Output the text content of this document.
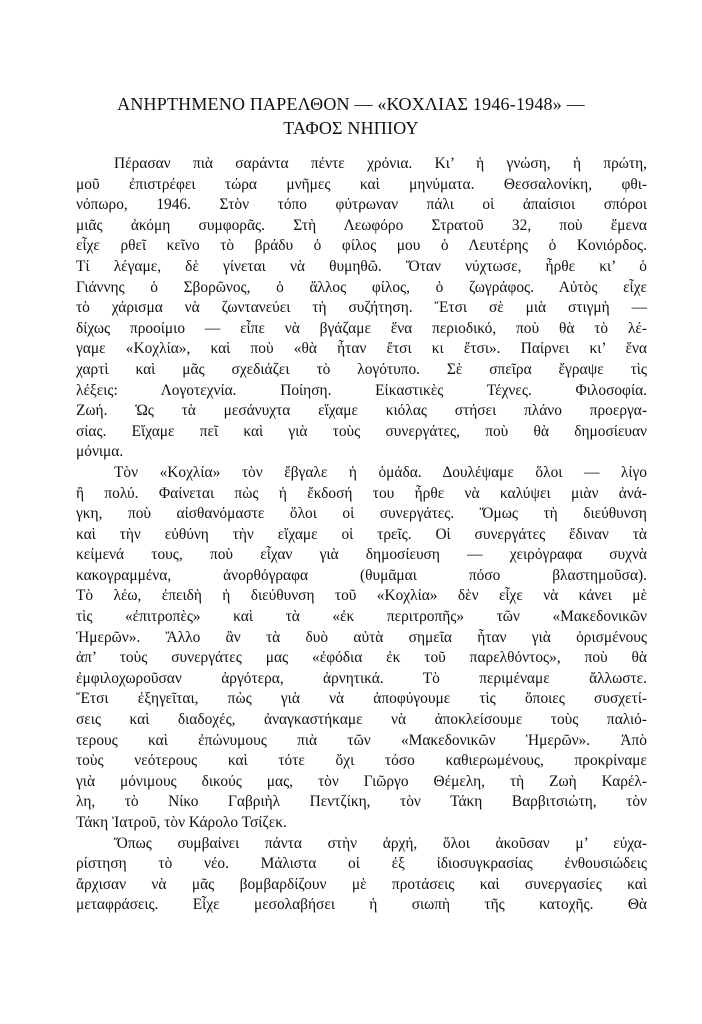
ΑΝΗΡΤΗΜΕΝΟ ΠΑΡΕΛΘΟΝ — «ΚΟΧΛΙΑΣ 1946-1948» —
ΤΑΦΟΣ ΝΗΠΙΟΥ
Πέρασαν πιὰ σαράντα πέντε χρόνια. Κι’ ἡ γνώση, ἡ πρώτη,
μοῦ ἐπιστρέφει τώρα μνῆμες καὶ μηνύματα. Θεσσαλονίκη, φθι-
νόπωρο, 1946. Στὸν τόπο φύτρωναν πάλι οἱ ἀπαίσιοι σπόροι
μιᾶς ἀκόμη συμφορᾶς. Στὴ Λεωφόρο Στρατοῦ 32, ποὺ ἔμενα
εἶχε ρθεῖ κεῖνο τὸ βράδυ ὁ φίλος μου ὁ Λευτέρης ὁ Κονιόρδος.
Τί λέγαμε, δὲ γίνεται νὰ θυμηθῶ. Ὅταν νύχτωσε, ἦρθε κι’ ὁ
Γιάννης ὁ Σβορῶνος, ὁ ἄλλος φίλος, ὁ ζωγράφος. Αὐτὸς εἶχε
τὸ χάρισμα νὰ ζωντανεύει τὴ συζήτηση. Ἔτσι σὲ μιὰ στιγμὴ —
δίχως προοίμιο — εἶπε νὰ βγάζαμε ἕνα περιοδικό, ποὺ θὰ τὸ λέ-
γαμε «Κοχλία», καὶ ποὺ «θὰ ἦταν ἔτσι κι ἔτσι». Παίρνει κι’ ἕνα
χαρτὶ καὶ μᾶς σχεδιάζει τὸ λογότυπο. Σὲ σπεῖρα ἔγραψε τὶς
λέξεις: Λογοτεχνία. Ποίηση. Εἰκαστικὲς Τέχνες. Φιλοσοφία.
Ζωή. Ὡς τὰ μεσάνυχτα εἴχαμε κιόλας στήσει πλάνο προεργα-
σίας. Εἴχαμε πεῖ καὶ γιὰ τοὺς συνεργάτες, ποὺ θὰ δημοσίευαν
μόνιμα.
Τὸν «Κοχλία» τὸν ἔβγαλε ἡ ὁμάδα. Δουλέψαμε ὅλοι — λίγο
ἢ πολύ. Φαίνεται πὼς ἡ ἔκδοσή του ἦρθε νὰ καλύψει μιὰν ἀνά-
γκη, ποὺ αἰσθανόμαστε ὅλοι οἱ συνεργάτες. Ὅμως τὴ διεύθυνση
καὶ τὴν εὐθύνη τὴν εἴχαμε οἱ τρεῖς. Οἱ συνεργάτες ἔδιναν τὰ
κείμενά τους, ποὺ εἶχαν γιὰ δημοσίευση — χειρόγραφα συχνὰ
κακογραμμένα, ἀνορθόγραφα (θυμᾶμαι πόσο βλαστημοῦσα).
Τὸ λέω, ἐπειδὴ ἡ διεύθυνση τοῦ «Κοχλία» δὲν εἶχε νὰ κάνει μὲ
τὶς «ἐπιτροπὲς» καὶ τὰ «ἐκ περιτροπῆς» τῶν «Μακεδονικῶν
Ἡμερῶν». Ἄλλο ἂν τὰ δυὸ αὐτὰ σημεῖα ἦταν γιὰ ὁρισμένους
ἀπ’ τοὺς συνεργάτες μας «ἐφόδια ἐκ τοῦ παρελθόντος», ποὺ θὰ
ἐμφιλοχωροῦσαν ἀργότερα, ἀρνητικά. Τὸ περιμέναμε ἄλλωστε.
Ἔτσι ἐξηγεῖται, πὼς γιὰ νὰ ἀποφύγουμε τὶς ὅποιες συσχετί-
σεις καὶ διαδοχές, ἀναγκαστήκαμε νὰ ἀποκλείσουμε τοὺς παλιό-
τερους καὶ ἐπώνυμους πιὰ τῶν «Μακεδονικῶν Ἡμερῶν». Ἀπὸ
τοὺς νεότερους καὶ τότε ὄχι τόσο καθιερωμένους, προκρίναμε
γιὰ μόνιμους δικούς μας, τὸν Γιῶργο Θέμελη, τὴ Ζωὴ Καρέλ-
λη, τὸ Νίκο Γαβριὴλ Πεντζίκη, τὸν Τάκη Βαρβιτσιώτη, τὸν
Τάκη Ἰατροῦ, τὸν Κάρολο Τσίζεκ.
Ὅπως συμβαίνει πάντα στὴν ἀρχή, ὅλοι ἀκοῦσαν μ’ εὐχα-
ρίστηση τὸ νέο. Μάλιστα οἱ ἐξ ἰδιοσυγκρασίας ἐνθουσιώδεις
ἄρχισαν νὰ μᾶς βομβαρδίζουν μὲ προτάσεις καὶ συνεργασίες καὶ
μεταφράσεις. Εἶχε μεσολαβήσει ἡ σιωπὴ τῆς κατοχῆς. Θὰ
